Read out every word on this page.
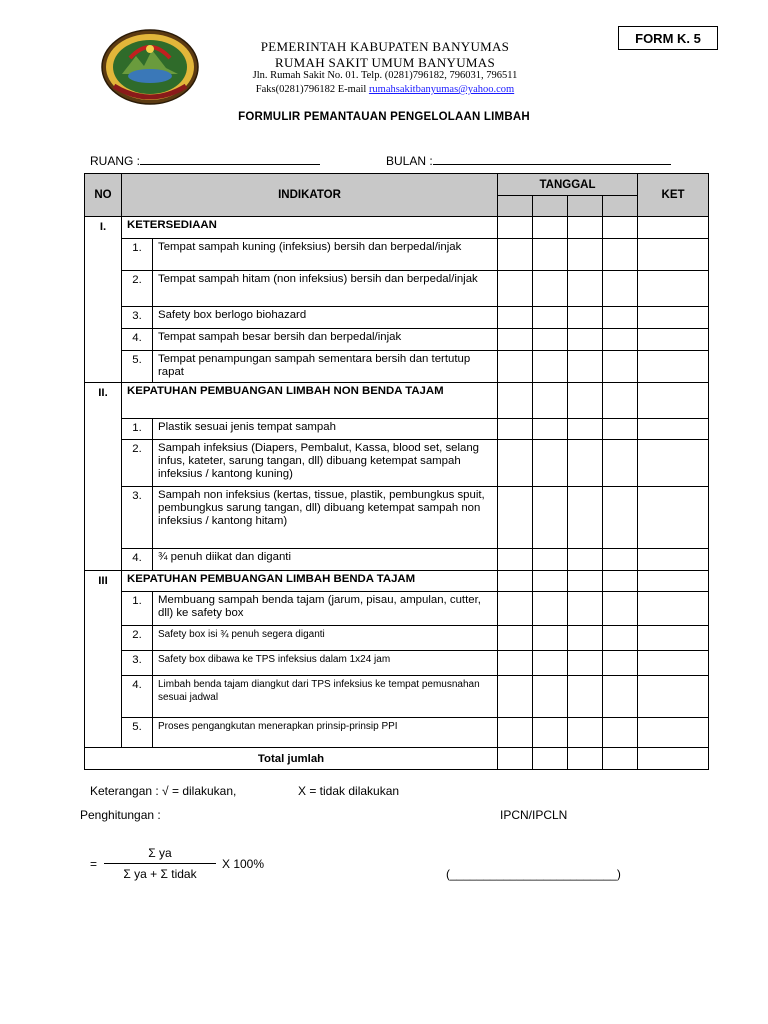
FORM K. 5
PEMERINTAH KABUPATEN BANYUMAS
RUMAH SAKIT UMUM BANYUMAS
Jln. Rumah Sakit No. 01. Telp. (0281)796182, 796031, 796511
Faks(0281)796182 E-mail rumahsakitbanyumas@yahoo.com
FORMULIR PEMANTAUAN PENGELOLAAN LIMBAH
RUANG :	BULAN :
NO	INDIKATOR		TANGGAL				KET

I.	KETERSEDIAAN						
	1.	Tempat sampah kuning (infeksius) bersih dan berpedal/injak					
	2.	Tempat sampah hitam (non infeksius) bersih dan berpedal/injak					
	3.	Safety box berlogo biohazard					
	4.	Tempat sampah besar bersih dan berpedal/injak					
	5.	Tempat penampungan sampah sementara bersih dan tertutup rapat					
II.	KEPATUHAN PEMBUANGAN LIMBAH NON BENDA TAJAM						
	1.	Plastik sesuai jenis tempat sampah					
	2.	Sampah infeksius (Diapers, Pembalut, Kassa, blood set, selang infus, kateter, sarung tangan, dll) dibuang ketempat sampah infeksius / kantong kuning)					
	3.	Sampah non infeksius (kertas, tissue, plastik, pembungkus spuit, pembungkus sarung tangan, dll) dibuang ketempat sampah non infeksius / kantong hitam)					
	4.	¾ penuh diikat dan diganti					
III	KEPATUHAN PEMBUANGAN LIMBAH BENDA TAJAM						
	1.	Membuang sampah benda tajam (jarum, pisau, ampulan, cutter, dll) ke safety box					
	2.	Safety box isi ¾ penuh segera diganti					
	3.	Safety box dibawa ke TPS infeksius dalam 1x24 jam					
	4.	Limbah benda tajam diangkut dari TPS infeksius ke tempat pemusnahan sesuai jadwal					
	5.	Proses pengangkutan menerapkan prinsip-prinsip PPI					
Total jumlah							
Keterangan : √ = dilakukan,	X = tidak dilakukan
Penghitungan :	IPCN/IPCLN
=
Σ ya
Σ ya + Σ tidak
X 100%
(_________________________)
